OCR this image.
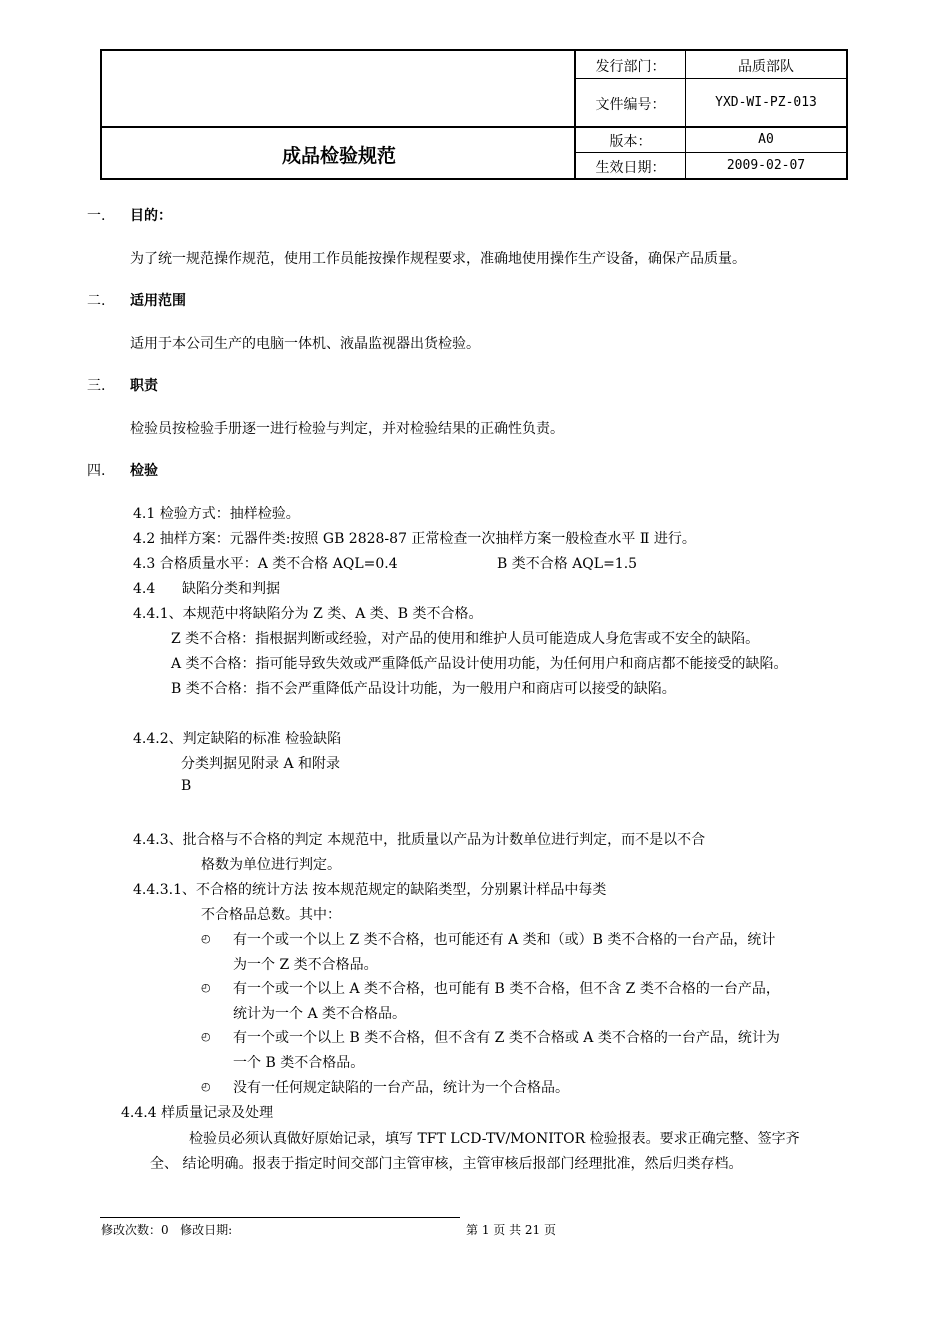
成品检验规范
发行部门：	品质部队
文件编号：	YXD-WI-PZ-013
版本：	A0
生效日期：	2009-02-07
一. 目的：
为了统一规范操作规范，使用工作员能按操作规程要求，准确地使用操作生产设备，确保产品质量。
二. 适用范围
适用于本公司生产的电脑一体机、液晶监视器出货检验。
三. 职责
检验员按检验手册逐一进行检验与判定，并对检验结果的正确性负责。
四. 检验
4.1 检验方式：抽样检验。
4.2 抽样方案：元器件类:按照 GB 2828-87 正常检查一次抽样方案一般检查水平 Ⅱ 进行。
4.3 合格质量水平：A 类不合格 AQL=0.4	B 类不合格 AQL=1.5
4.4      缺陷分类和判据
4.4.1、本规范中将缺陷分为 Z 类、A 类、B 类不合格。
Z 类不合格：指根据判断或经验，对产品的使用和维护人员可能造成人身危害或不安全的缺陷。
A 类不合格：指可能导致失效或严重降低产品设计使用功能，为任何用户和商店都不能接受的缺陷。
B 类不合格：指不会严重降低产品设计功能，为一般用户和商店可以接受的缺陷。
4.4.2、判定缺陷的标准 检验缺陷
分类判据见附录 A 和附录
B
4.4.3、批合格与不合格的判定 本规范中，批质量以产品为计数单位进行判定，而不是以不合
格数为单位进行判定。
4.4.3.1、不合格的统计方法 按本规范规定的缺陷类型，分别累计样品中每类
不合格品总数。其中：
◴ 有一个或一个以上 Z 类不合格，也可能还有 A 类和（或）B 类不合格的一台产品，统计
为一个 Z 类不合格品。
◴ 有一个或一个以上 A 类不合格，也可能有 B 类不合格，但不含 Z 类不合格的一台产品，
统计为一个 A 类不合格品。
◴ 有一个或一个以上 B 类不合格，但不含有 Z 类不合格或 A 类不合格的一台产品，统计为
一个 B 类不合格品。
◴ 没有一任何规定缺陷的一台产品，统计为一个合格品。
4.4.4 样质量记录及处理
检验员必须认真做好原始记录，填写 TFT LCD-TV/MONITOR 检验报表。要求正确完整、签字齐
全、 结论明确。报表于指定时间交部门主管审核，主管审核后报部门经理批准，然后归类存档。
修改次数：0   修改日期:	第 1 页 共 21 页
